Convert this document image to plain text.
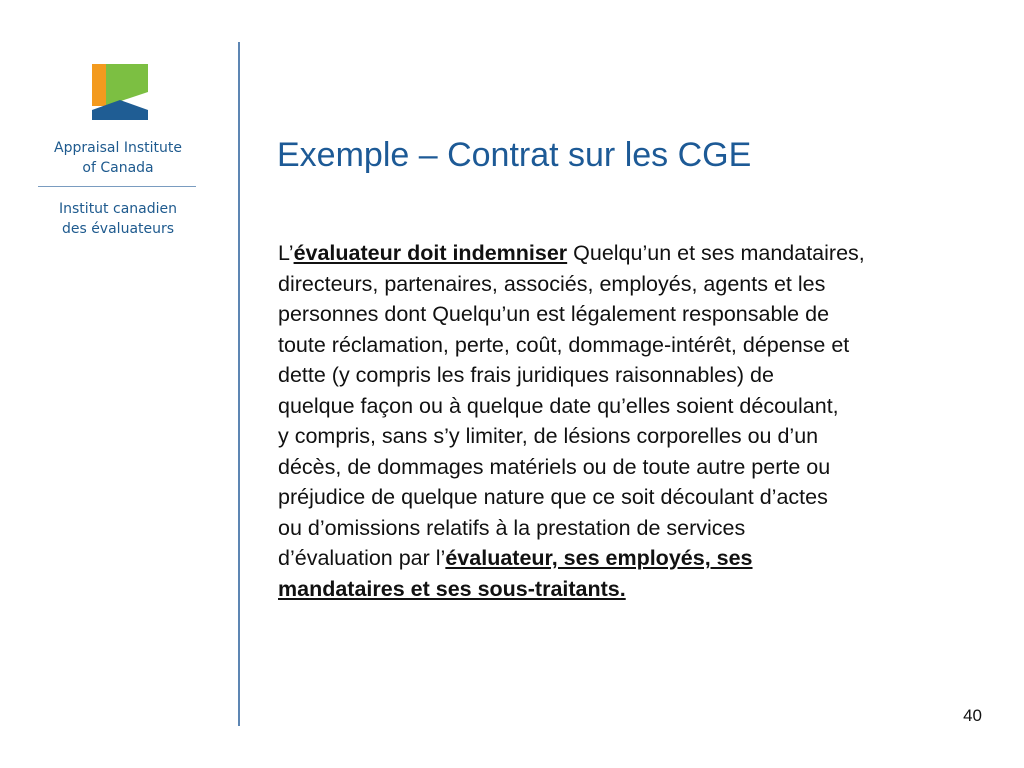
Appraisal Institute
of Canada
Institut canadien
des évaluateurs
Exemple – Contrat sur les CGE
L’évaluateur doit indemniser Quelqu’un et ses mandataires,
directeurs, partenaires, associés, employés, agents et les
personnes dont Quelqu’un est légalement responsable de
toute réclamation, perte, coût, dommage-intérêt, dépense et
dette (y compris les frais juridiques raisonnables) de
quelque façon ou à quelque date qu’elles soient découlant,
y compris, sans s’y limiter, de lésions corporelles ou d’un
décès, de dommages matériels ou de toute autre perte ou
préjudice de quelque nature que ce soit découlant d’actes
ou d’omissions relatifs à la prestation de services
d’évaluation par l’évaluateur, ses employés, ses
mandataires et ses sous-traitants.
40
